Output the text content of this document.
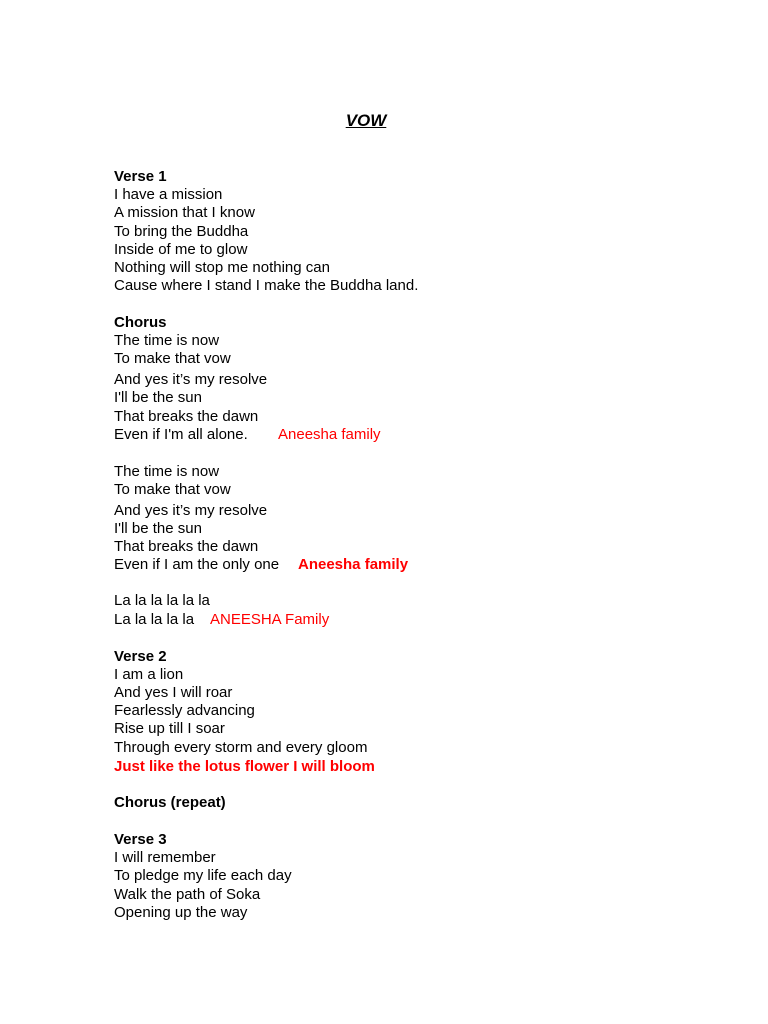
VOW
Verse 1
I have a mission
A mission that I know
To bring the Buddha
Inside of me to glow
Nothing will stop me nothing can
Cause where I stand I make the Buddha land.
Chorus
The time is now
To make that vow
And yes it’s my resolve
I'll be the sun
That breaks the dawn
Even if I'm all alone. Aneesha family
The time is now
To make that vow
And yes it’s my resolve
I'll be the sun
That breaks the dawn
Even if I am the only one Aneesha family
La la la la la la
La la la la la ANEESHA Family
Verse 2
I am a lion
And yes I will roar
Fearlessly advancing
Rise up till I soar
Through every storm and every gloom
Just like the lotus flower I will bloom
Chorus (repeat)
Verse 3
I will remember
To pledge my life each day
Walk the path of Soka
Opening up the way
